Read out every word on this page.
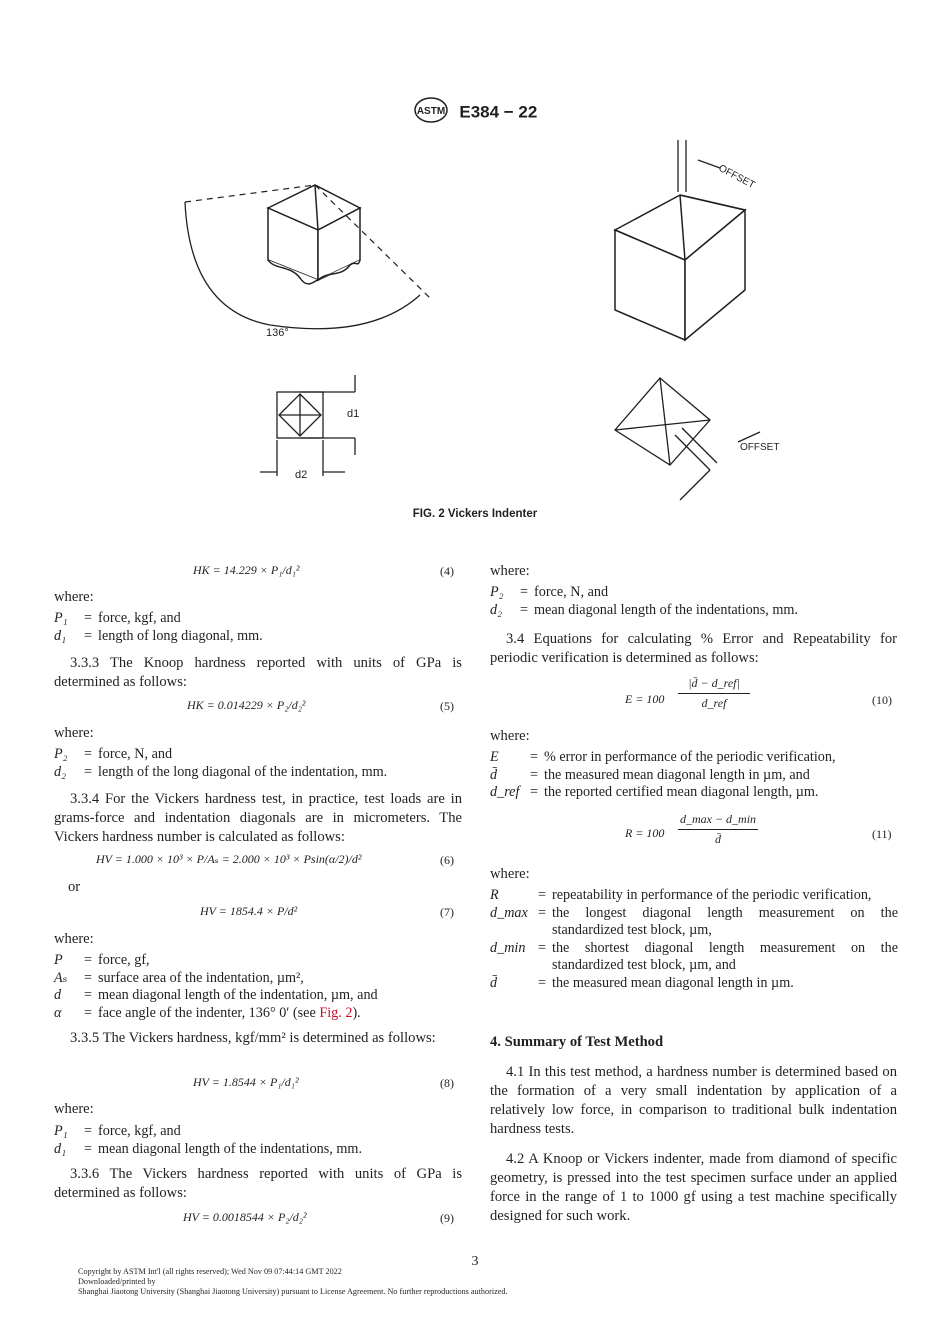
ASTM E384 − 22
136°
d1
d2
OFFSET
OFFSET
FIG. 2 Vickers Indenter
HK = 14.229 × P₁/d₁²	(4)
where:
P₁	= force, kgf, and
d₁	= length of long diagonal, mm.
3.3.3 The Knoop hardness reported with units of GPa is determined as follows:
HK = 0.014229 × P₂/d₂²	(5)
where:
P₂	= force, N, and
d₂	= length of the long diagonal of the indentation, mm.
3.3.4 For the Vickers hardness test, in practice, test loads are in grams-force and indentation diagonals are in micrometers. The Vickers hardness number is calculated as follows:
HV = 1.000 × 10³ × P/Aₛ = 2.000 × 10³ × Psin(α/2)/d²	(6)
or
HV = 1854.4 × P/d²	(7)
where:
P	= force, gf,
Aₛ	= surface area of the indentation, µm²,
d	= mean diagonal length of the indentation, µm, and
α	= face angle of the indenter, 136° 0′ (see Fig. 2).
3.3.5 The Vickers hardness, kgf/mm² is determined as follows:
HV = 1.8544 × P₁/d₁²	(8)
where:
P₁	= force, kgf, and
d₁	= mean diagonal length of the indentations, mm.
3.3.6 The Vickers hardness reported with units of GPa is determined as follows:
HV = 0.0018544 × P₂/d₂²	(9)
where:
P₂	= force, N, and
d₂	= mean diagonal length of the indentations, mm.
3.4 Equations for calculating % Error and Repeatability for periodic verification is determined as follows:
E = 100
|d̄ − d_ref|
d_ref	(10)
where:
E	= % error in performance of the periodic verification,
d̄	= the measured mean diagonal length in µm, and
d_ref = the reported certified mean diagonal length, µm.
R = 100
d_max − d_min
d̄	(11)
where:
R	= repeatability in performance of the periodic verification,
d_max = the longest diagonal length measurement on the standardized test block, µm,
d_min = the shortest diagonal length measurement on the standardized test block, µm, and
d̄	= the measured mean diagonal length in µm.
4. Summary of Test Method
4.1 In this test method, a hardness number is determined based on the formation of a very small indentation by application of a relatively low force, in comparison to traditional bulk indentation hardness tests.
4.2 A Knoop or Vickers indenter, made from diamond of specific geometry, is pressed into the test specimen surface under an applied force in the range of 1 to 1000 gf using a test machine specifically designed for such work.
3
Copyright by ASTM Int'l (all rights reserved); Wed Nov 09 07:44:14 GMT 2022
Downloaded/printed by
Shanghai Jiaotong University (Shanghai Jiaotong University) pursuant to License Agreement. No further reproductions authorized.
